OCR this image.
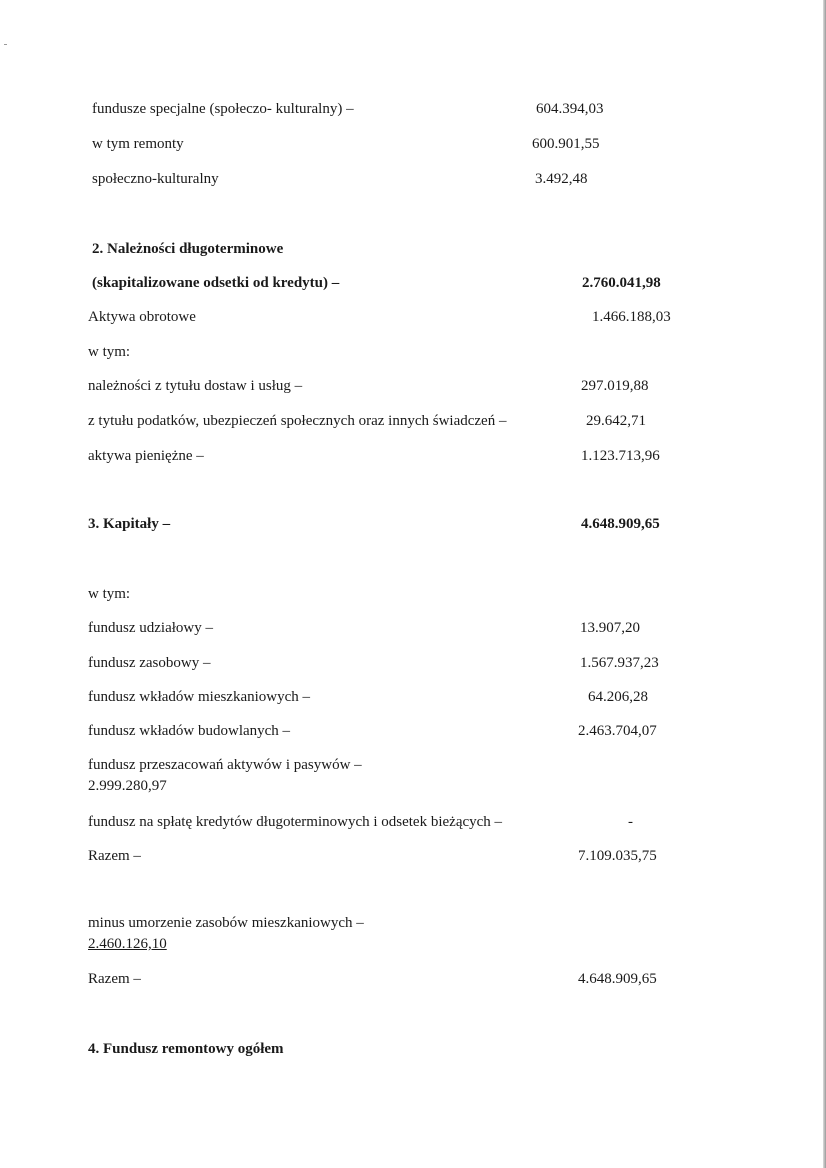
fundusze specjalne (społeczo- kulturalny) –	604.394,03
w tym remonty	600.901,55
społeczno-kulturalny	3.492,48
2. Należności długoterminowe
(skapitalizowane odsetki od kredytu) –	2.760.041,98
Aktywa obrotowe	1.466.188,03
w tym:
należności z tytułu dostaw i usług –	297.019,88
z tytułu podatków, ubezpieczeń społecznych oraz innych świadczeń –	29.642,71
aktywa pieniężne –	1.123.713,96
3. Kapitały –	4.648.909,65
w tym:
fundusz udziałowy –	13.907,20
fundusz zasobowy –	1.567.937,23
fundusz wkładów mieszkaniowych –	64.206,28
fundusz wkładów budowlanych –	2.463.704,07
fundusz przeszacowań aktywów i pasywów –
2.999.280,97
fundusz na spłatę kredytów długoterminowych i odsetek bieżących –	-
Razem –	7.109.035,75
minus umorzenie zasobów mieszkaniowych –
2.460.126,10
Razem –	4.648.909,65
4. Fundusz remontowy ogółem
